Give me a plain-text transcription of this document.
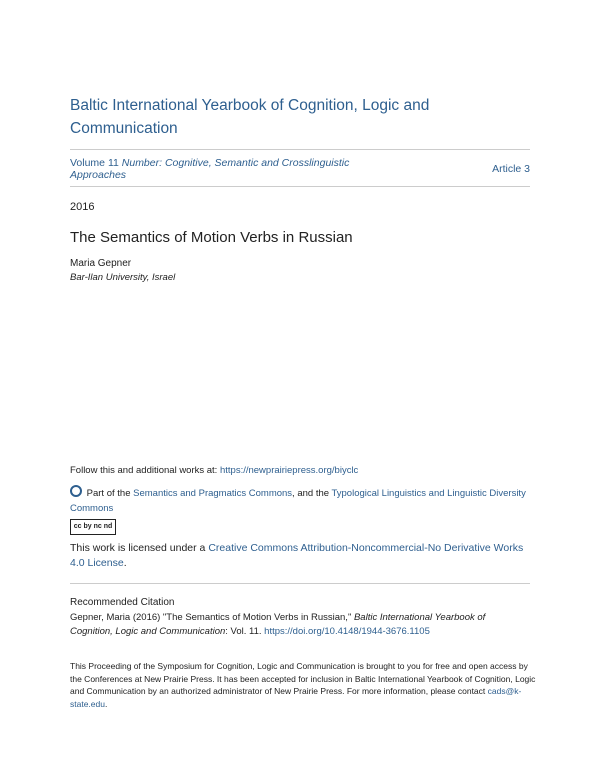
Baltic International Yearbook of Cognition, Logic and Communication
Volume 11 Number: Cognitive, Semantic and Crosslinguistic Approaches	Article 3
2016
The Semantics of Motion Verbs in Russian
Maria Gepner
Bar-Ilan University, Israel
Follow this and additional works at: https://newprairiepress.org/biyclc
Part of the Semantics and Pragmatics Commons, and the Typological Linguistics and Linguistic Diversity Commons
cc by nc nd
This work is licensed under a Creative Commons Attribution-Noncommercial-No Derivative Works 4.0 License.
Recommended Citation
Gepner, Maria (2016) "The Semantics of Motion Verbs in Russian," Baltic International Yearbook of Cognition, Logic and Communication: Vol. 11. https://doi.org/10.4148/1944-3676.1105
This Proceeding of the Symposium for Cognition, Logic and Communication is brought to you for free and open access by the Conferences at New Prairie Press. It has been accepted for inclusion in Baltic International Yearbook of Cognition, Logic and Communication by an authorized administrator of New Prairie Press. For more information, please contact cads@k-state.edu.
